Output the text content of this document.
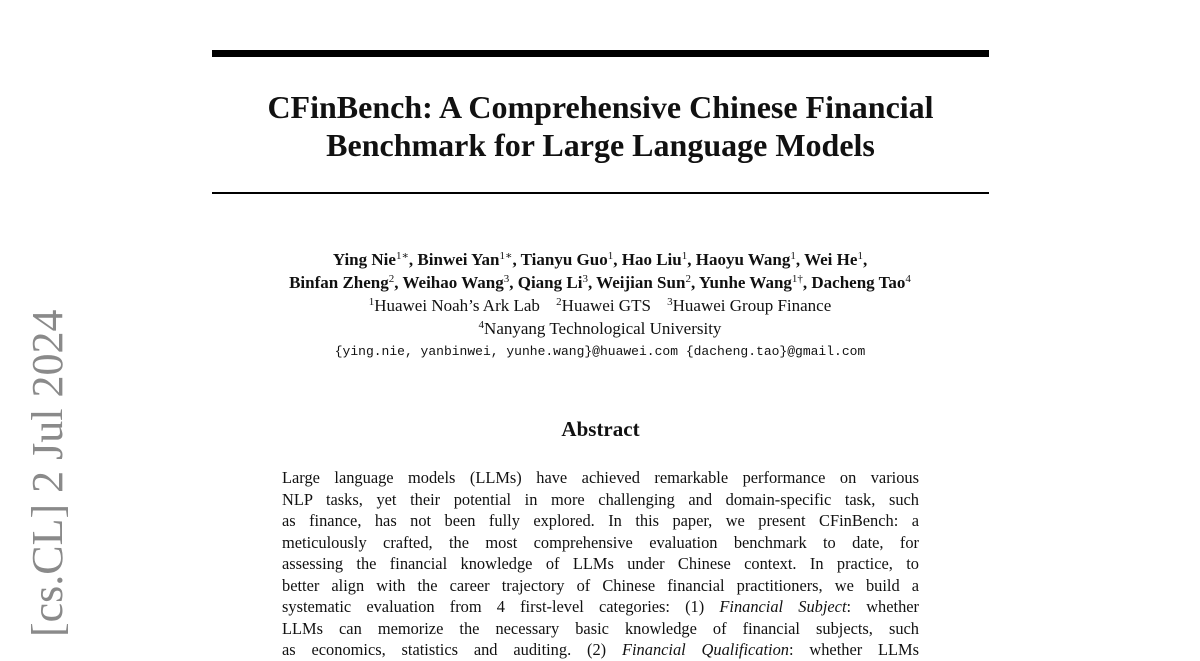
[cs.CL] 2 Jul 2024
CFinBench: A Comprehensive Chinese Financial
Benchmark for Large Language Models
Ying Nie$^{1∗}$, Binwei Yan$^{1∗}$, Tianyu Guo$^1$, Hao Liu$^1$, Haoyu Wang$^1$, Wei He$^1$,
Binfan Zheng$^2$, Weihao Wang$^3$, Qiang Li$^3$, Weijian Sun$^2$, Yunhe Wang$^{1\dagger}$, Dacheng Tao$^4$
$^1$Huawei Noah’s Ark Lab $^2$Huawei GTS $^3$Huawei Group Finance
$^4$Nanyang Technological University
{ying.nie, yanbinwei, yunhe.wang}@huawei.com {dacheng.tao}@gmail.com
Abstract
Large language models (LLMs) have achieved remarkable performance on various
NLP tasks, yet their potential in more challenging and domain-specific task, such
as finance, has not been fully explored. In this paper, we present CFinBench: a
meticulously crafted, the most comprehensive evaluation benchmark to date, for
assessing the financial knowledge of LLMs under Chinese context. In practice, to
better align with the career trajectory of Chinese financial practitioners, we build a
systematic evaluation from 4 first-level categories: (1) Financial Subject: whether
LLMs can memorize the necessary basic knowledge of financial subjects, such
as economics, statistics and auditing. (2) Financial Qualification: whether LLMs
